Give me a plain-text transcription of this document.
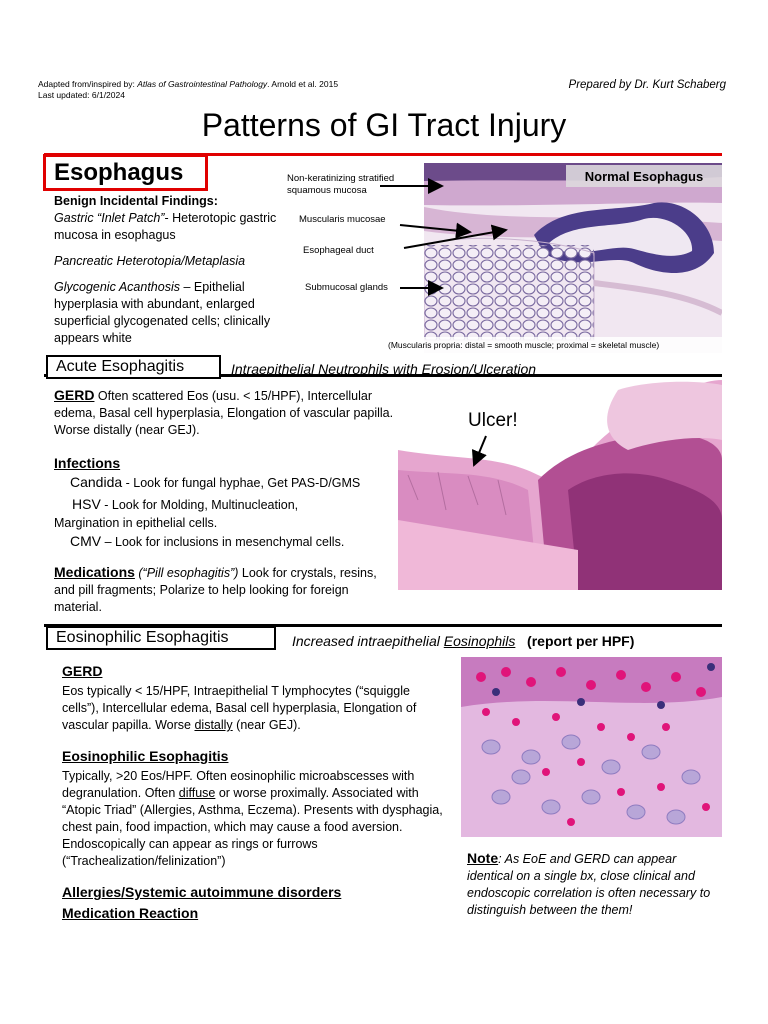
Adapted from/inspired by: Atlas of Gastrointestinal Pathology. Arnold et al. 2015
Last updated: 6/1/2024
Prepared by Dr. Kurt Schaberg
Patterns of GI Tract Injury
Esophagus
Benign Incidental Findings:
Gastric “Inlet Patch”- Heterotopic gastric mucosa in esophagus
Pancreatic Heterotopia/Metaplasia
Glycogenic Acanthosis – Epithelial hyperplasia with abundant, enlarged superficial glycogenated cells; clinically appears white
Normal Esophagus
(Muscularis propria: distal = smooth muscle; proximal = skeletal muscle)
Non-keratinizing stratified squamous mucosa
Muscularis mucosae
Esophageal duct
Submucosal glands
Acute Esophagitis	Intraepithelial Neutrophils with Erosion/Ulceration
GERD Often scattered Eos (usu. < 15/HPF), Intercellular edema, Basal cell hyperplasia, Elongation of vascular papilla. Worse distally (near GEJ).
Infections
Candida - Look for fungal hyphae, Get PAS-D/GMS
HSV - Look for Molding, Multinucleation,
Margination in epithelial cells.
CMV – Look for inclusions in mesenchymal cells.
Medications (“Pill esophagitis”) Look for crystals, resins, and pill fragments; Polarize to help looking for foreign material.
Ulcer!
Eosinophilic Esophagitis	Increased intraepithelial Eosinophils (report per HPF)
GERD
Eos typically < 15/HPF, Intraepithelial T lymphocytes (“squiggle cells”), Intercellular edema, Basal cell hyperplasia, Elongation of vascular papilla. Worse distally (near GEJ).
Eosinophilic Esophagitis
Typically, >20 Eos/HPF. Often eosinophilic microabscesses with degranulation. Often diffuse or worse proximally. Associated with “Atopic Triad” (Allergies, Asthma, Eczema). Presents with dysphagia, chest pain, food impaction, which may cause a food aversion. Endoscopically can appear as rings or furrows (“Trachealization/felinization”)
Allergies/Systemic autoimmune disorders
Medication Reaction
Note: As EoE and GERD can appear identical on a single bx, close clinical and endoscopic correlation is often necessary to distinguish between the them!
